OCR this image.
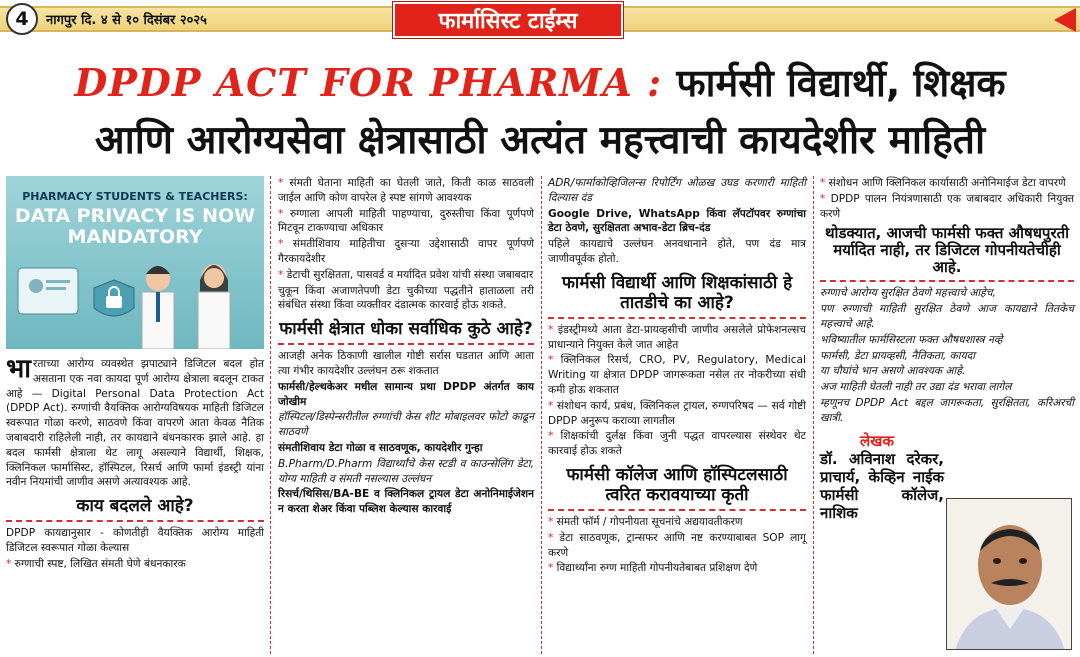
4	नागपुर दि. ४ से १० दिसंबर २०२५	फार्मासिस्ट टाईम्स
DPDP ACT FOR PHARMA : फार्मसी विद्यार्थी, शिक्षक
आणि आरोग्यसेवा क्षेत्रासाठी अत्यंत महत्त्वाची कायदेशीर माहिती
PHARMACY STUDENTS & TEACHERS:
DATA PRIVACY IS NOW
MANDATORY

भारताच्या आरोग्य व्यवस्थेत झपाट्याने डिजिटल बदल होत असताना एक नवा कायदा पूर्ण आरोग्य क्षेत्राला बदलून टाकत आहे — Digital Personal Data Protection Act (DPDP Act). रुग्णांची वैयक्तिक आरोग्यविषयक माहिती डिजिटल स्वरूपात गोळा करणे, साठवणे किंवा वापरणे आता केवळ नैतिक जबाबदारी राहिलेली नाही, तर कायद्याने बंधनकारक झाले आहे. हा बदल फार्मसी क्षेत्राला थेट लागू असल्याने विद्यार्थी, शिक्षक, क्लिनिकल फार्मासिस्ट, हॉस्पिटल, रिसर्च आणि फार्मा इंडस्ट्री यांना नवीन नियमांची जाणीव असणे अत्यावश्यक आहे.

काय बदलले आहे?

DPDP कायद्यानुसार - कोणतीही वैयक्तिक आरोग्य माहिती डिजिटल स्वरूपात गोळा केल्यास

* रुग्णाची स्पष्ट, लिखित संमती घेणे बंधनकारक

* संमती घेताना माहिती का घेतली जाते, किती काळ साठवली जाईल आणि कोण वापरेल हे स्पष्ट सांगणे आवश्यक

* रुग्णाला आपली माहिती पाहण्याचा, दुरुस्तीचा किंवा पूर्णपणे मिटवून टाकण्याचा अधिकार

* संमतीशिवाय माहितीचा दुसऱ्या उद्देशासाठी वापर पूर्णपणे गैरकायदेशीर

* डेटाची सुरक्षितता, पासवर्ड व मर्यादित प्रवेश यांची संस्था जबाबदार

चुकून किंवा अजाणतेपणी डेटा चुकीच्या पद्धतीने हाताळला तरी संबंधित संस्था किंवा व्यक्तीवर दंडात्मक कारवाई होऊ शकते.

फार्मसी क्षेत्रात धोका सर्वाधिक कुठे आहे?

आजही अनेक ठिकाणी खालील गोष्टी सर्रास घडतात आणि आता त्या गंभीर कायदेशीर उल्लंघन ठरू शकतात

फार्मसी/हेल्थकेअर मधील सामान्य प्रथा DPDP अंतर्गत काय जोखीम

हॉस्पिटल/डिस्पेन्सरीतील रुग्णांची केस शीट मोबाइलवर फोटो काढून साठवणे

संमतीशिवाय डेटा गोळा व साठवणूक, कायदेशीर गुन्हा

B.Pharm/D.Pharm विद्यार्थ्यांचे केस स्टडी व काउन्सेलिंग डेटा, योग्य माहिती व संमती नसल्यास उल्लंघन

रिसर्च/थिसिस/BA-BE व क्लिनिकल ट्रायल डेटा अनोनिमाईजेशन न करता शेअर किंवा पब्लिश केल्यास कारवाई

ADR/फार्माकोव्हिजिलन्स रिपोर्टिंग ओळख उघड करणारी माहिती दिल्यास दंड

Google Drive, WhatsApp किंवा लॅपटॉपवर रुग्णांचा डेटा ठेवणे, सुरक्षितता अभाव-डेटा ब्रिच-दंड

पहिले कायद्याचे उल्लंघन अनवधानाने होते, पण दंड मात्र जाणीवपूर्वक होतो.

फार्मसी विद्यार्थी आणि शिक्षकांसाठी हे तातडीचे का आहे?

* इंडस्ट्रीमध्ये आता डेटा-प्रायव्हसीची जाणीव असलेले प्रोफेशनल्सच प्राधान्याने नियुक्त केले जात आहेत

* क्लिनिकल रिसर्च, CRO, PV, Regulatory, Medical Writing या क्षेत्रात DPDP जागरूकता नसेल तर नोकरीच्या संधी कमी होऊ शकतात

* संशोधन कार्य, प्रबंध, क्लिनिकल ट्रायल, रुग्णपरिषद — सर्व गोष्टी DPDP अनुरूप कराव्या लागतील

* शिक्षकांची दुर्लक्ष किंवा जुनी पद्धत वापरल्यास संस्थेवर थेट कारवाई होऊ शकते

फार्मसी कॉलेज आणि हॉस्पिटलसाठी त्वरित करावयाच्या कृती

* संमती फॉर्म / गोपनीयता सूचनांचे अद्ययावतीकरण

* डेटा साठवणूक, ट्रान्सफर आणि नष्ट करण्याबाबत SOP लागू करणे

* विद्यार्थ्यांना रुग्ण माहिती गोपनीयतेबाबत प्रशिक्षण देणे

* संशोधन आणि क्लिनिकल कार्यासाठी अनोनिमाईज डेटा वापरणे

* DPDP पालन नियंत्रणासाठी एक जबाबदार अधिकारी नियुक्त करणे

थोडक्यात, आजची फार्मसी फक्त औषधपुरती मर्यादित नाही, तर डिजिटल गोपनीयतेचीही आहे.

रुग्णाचे आरोग्य सुरक्षित ठेवणे महत्त्वाचे आहेच,

पण रुग्णाची माहिती सुरक्षित ठेवणे आज कायद्याने तितकेच महत्त्वाचे आहे.

भविष्यातील फार्मसिस्टला फक्त औषधशास्त्र नव्हे

फार्मसी, डेटा प्रायव्हसी, नैतिकता, कायदा

या चौघांचे भान असणे आवश्यक आहे.

अज माहिती घेतली नाही तर उद्या दंड भरावा लागेल

म्हणूनच DPDP Act बद्दल जागरूकता, सुरक्षितता, करिअरची खात्री.

लेखक
डॉ. अविनाश दरेकर, प्राचार्य, केव्हिन नाईक फार्मसी कॉलेज, नाशिक
